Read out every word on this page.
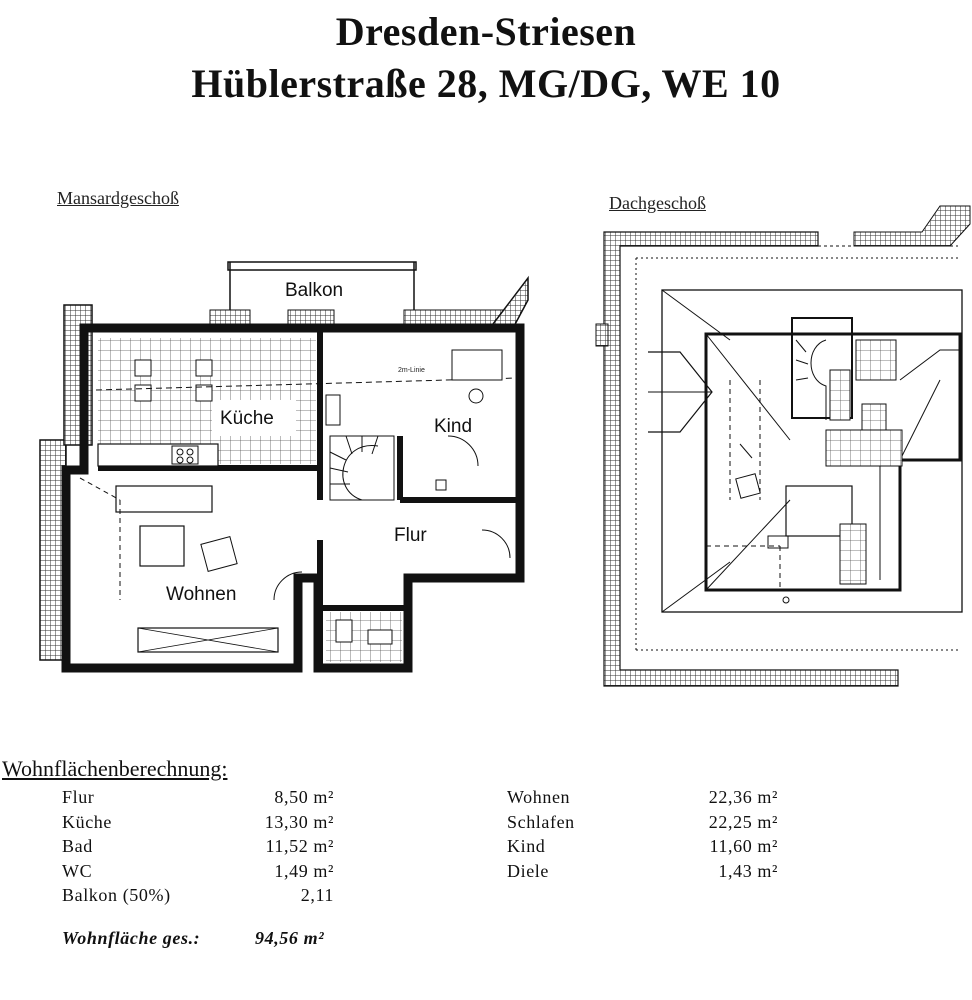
Dresden-Striesen
Hüblerstraße 28, MG/DG, WE 10
Mansardgeschoß	Dachgeschoß
Balkon
Küche
2m-Linie
Kind
Flur
Wohnen
Wohnflächenberechnung:
Flur	8,50 m²
Küche	13,30 m²
Bad	11,52 m²
WC	1,49 m²
Balkon (50%)	2,11
Wohnen	22,36 m²
Schlafen	22,25 m²
Kind	11,60 m²
Diele	1,43 m²
Wohnfläche ges.:	94,56 m²
